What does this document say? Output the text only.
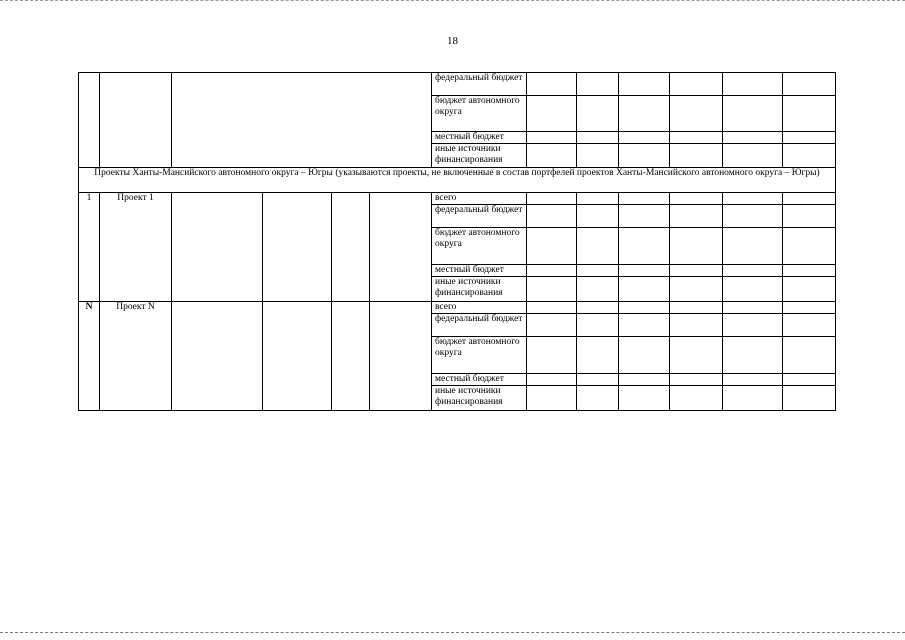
18
						федеральный бюджет						
						бюджет автономного округа						
						местный бюджет						
						иные источники финансирования						
Проекты Ханты-Мансийского автономного округа – Югры (указываются проекты, не включенные в состав портфелей проектов Ханты-Мансийского автономного округа – Югры)												
1	Проект 1					всего						
						федеральный бюджет						
						бюджет автономного округа						
						местный бюджет						
						иные источники финансирования						
N	Проект N					всего						
						федеральный бюджет						
						бюджет автономного округа						
						местный бюджет						
						иные источники финансирования						
